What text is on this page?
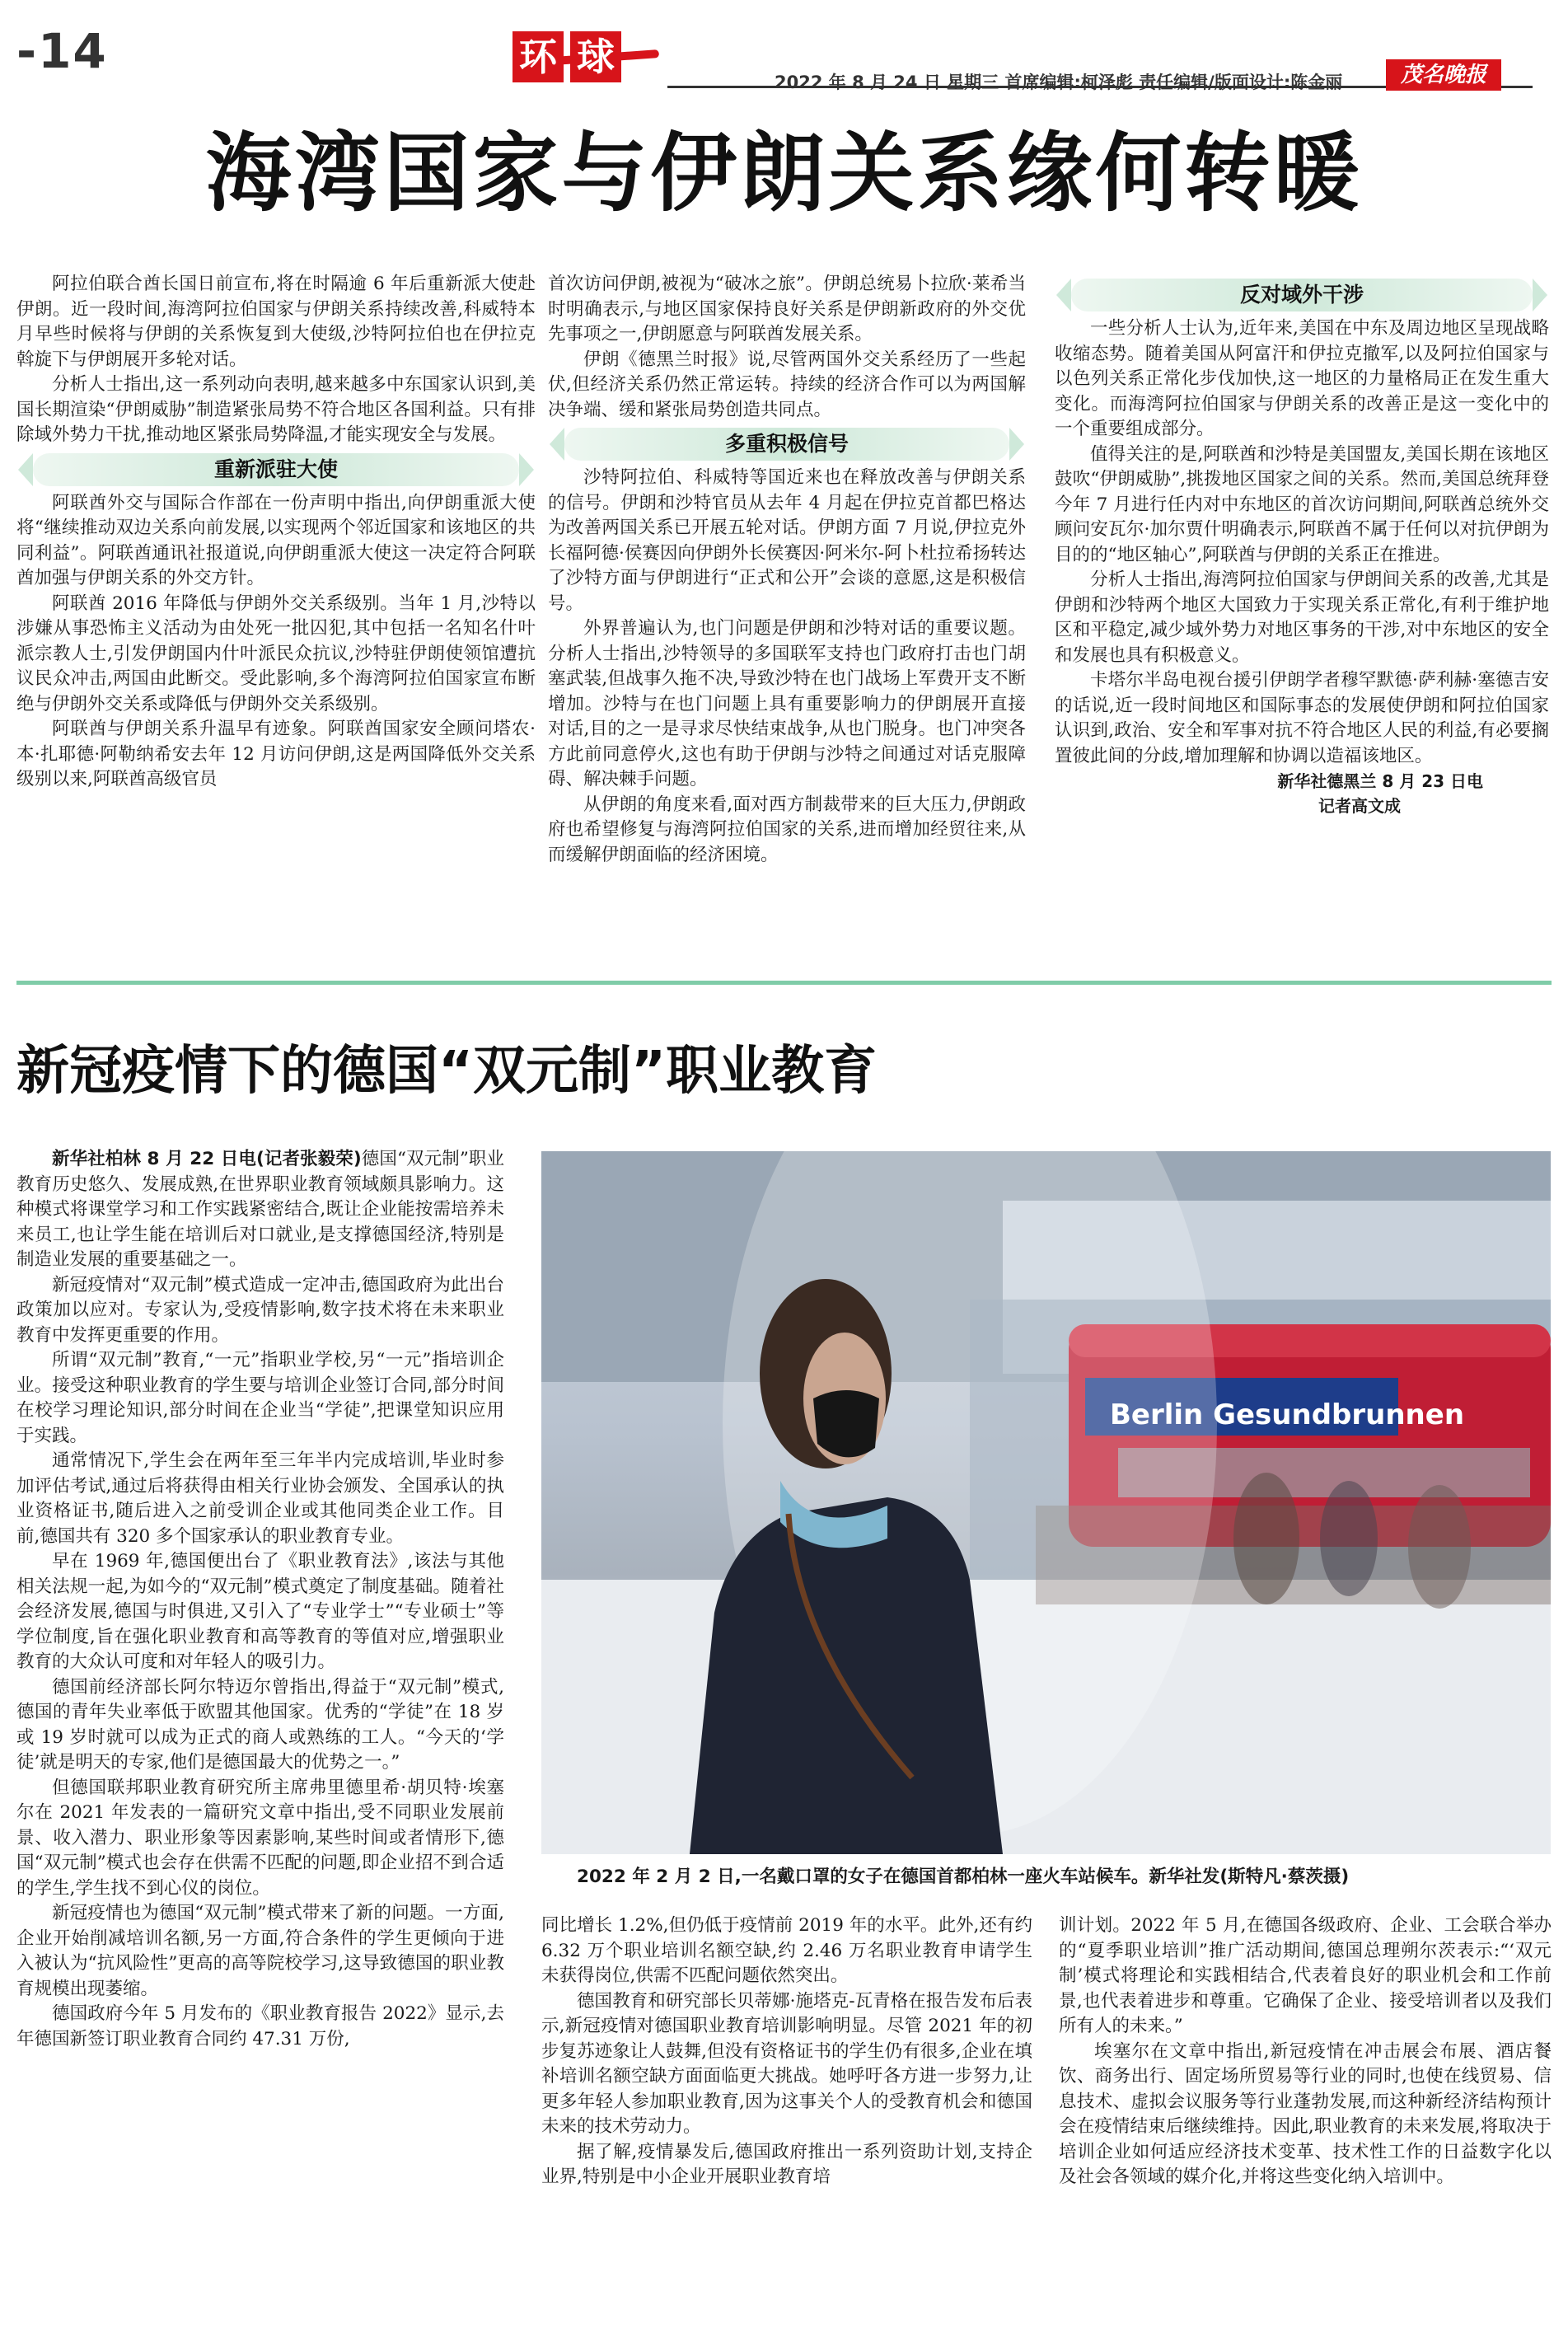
-14	环 球
2022 年 8 月 24 日 星期三 首席编辑:柯泽彪 责任编辑/版面设计:陈金丽	茂名晚报
海湾国家与伊朗关系缘何转暖

阿拉伯联合酋长国日前宣布,将在时隔逾 6 年后重新派大使赴伊朗。近一段时间,海湾阿拉伯国家与伊朗关系持续改善,科威特本月早些时候将与伊朗的关系恢复到大使级,沙特阿拉伯也在伊拉克斡旋下与伊朗展开多轮对话。

分析人士指出,这一系列动向表明,越来越多中东国家认识到,美国长期渲染“伊朗威胁”制造紧张局势不符合地区各国利益。只有排除域外势力干扰,推动地区紧张局势降温,才能实现安全与发展。

重新派驻大使

阿联酋外交与国际合作部在一份声明中指出,向伊朗重派大使将“继续推动双边关系向前发展,以实现两个邻近国家和该地区的共同利益”。阿联酋通讯社报道说,向伊朗重派大使这一决定符合阿联酋加强与伊朗关系的外交方针。

阿联酋 2016 年降低与伊朗外交关系级别。当年 1 月,沙特以涉嫌从事恐怖主义活动为由处死一批囚犯,其中包括一名知名什叶派宗教人士,引发伊朗国内什叶派民众抗议,沙特驻伊朗使领馆遭抗议民众冲击,两国由此断交。受此影响,多个海湾阿拉伯国家宣布断绝与伊朗外交关系或降低与伊朗外交关系级别。

阿联酋与伊朗关系升温早有迹象。阿联酋国家安全顾问塔农·本·扎耶德·阿勒纳希安去年 12 月访问伊朗,这是两国降低外交关系级别以来,阿联酋高级官员

首次访问伊朗,被视为“破冰之旅”。伊朗总统易卜拉欣·莱希当时明确表示,与地区国家保持良好关系是伊朗新政府的外交优先事项之一,伊朗愿意与阿联酋发展关系。

伊朗《德黑兰时报》说,尽管两国外交关系经历了一些起伏,但经济关系仍然正常运转。持续的经济合作可以为两国解决争端、缓和紧张局势创造共同点。

多重积极信号

沙特阿拉伯、科威特等国近来也在释放改善与伊朗关系的信号。伊朗和沙特官员从去年 4 月起在伊拉克首都巴格达为改善两国关系已开展五轮对话。伊朗方面 7 月说,伊拉克外长福阿德·侯赛因向伊朗外长侯赛因·阿米尔-阿卜杜拉希扬转达了沙特方面与伊朗进行“正式和公开”会谈的意愿,这是积极信号。

外界普遍认为,也门问题是伊朗和沙特对话的重要议题。分析人士指出,沙特领导的多国联军支持也门政府打击也门胡塞武装,但战事久拖不决,导致沙特在也门战场上军费开支不断增加。沙特与在也门问题上具有重要影响力的伊朗展开直接对话,目的之一是寻求尽快结束战争,从也门脱身。也门冲突各方此前同意停火,这也有助于伊朗与沙特之间通过对话克服障碍、解决棘手问题。

从伊朗的角度来看,面对西方制裁带来的巨大压力,伊朗政府也希望修复与海湾阿拉伯国家的关系,进而增加经贸往来,从而缓解伊朗面临的经济困境。

反对域外干涉

一些分析人士认为,近年来,美国在中东及周边地区呈现战略收缩态势。随着美国从阿富汗和伊拉克撤军,以及阿拉伯国家与以色列关系正常化步伐加快,这一地区的力量格局正在发生重大变化。而海湾阿拉伯国家与伊朗关系的改善正是这一变化中的一个重要组成部分。

值得关注的是,阿联酋和沙特是美国盟友,美国长期在该地区鼓吹“伊朗威胁”,挑拨地区国家之间的关系。然而,美国总统拜登今年 7 月进行任内对中东地区的首次访问期间,阿联酋总统外交顾问安瓦尔·加尔贾什明确表示,阿联酋不属于任何以对抗伊朗为目的的“地区轴心”,阿联酋与伊朗的关系正在推进。

分析人士指出,海湾阿拉伯国家与伊朗间关系的改善,尤其是伊朗和沙特两个地区大国致力于实现关系正常化,有利于维护地区和平稳定,减少域外势力对地区事务的干涉,对中东地区的安全和发展也具有积极意义。

卡塔尔半岛电视台援引伊朗学者穆罕默德·萨利赫·塞德吉安的话说,近一段时间地区和国际事态的发展使伊朗和阿拉伯国家认识到,政治、安全和军事对抗不符合地区人民的利益,有必要搁置彼此间的分歧,增加理解和协调以造福该地区。

新华社德黑兰 8 月 23 日电
记者高文成
新冠疫情下的德国“双元制”职业教育

新华社柏林 8 月 22 日电(记者张毅荣)德国“双元制”职业教育历史悠久、发展成熟,在世界职业教育领域颇具影响力。这种模式将课堂学习和工作实践紧密结合,既让企业能按需培养未来员工,也让学生能在培训后对口就业,是支撑德国经济,特别是制造业发展的重要基础之一。

新冠疫情对“双元制”模式造成一定冲击,德国政府为此出台政策加以应对。专家认为,受疫情影响,数字技术将在未来职业教育中发挥更重要的作用。

所谓“双元制”教育,“一元”指职业学校,另“一元”指培训企业。接受这种职业教育的学生要与培训企业签订合同,部分时间在校学习理论知识,部分时间在企业当“学徒”,把课堂知识应用于实践。

通常情况下,学生会在两年至三年半内完成培训,毕业时参加评估考试,通过后将获得由相关行业协会颁发、全国承认的执业资格证书,随后进入之前受训企业或其他同类企业工作。目前,德国共有 320 多个国家承认的职业教育专业。

早在 1969 年,德国便出台了《职业教育法》,该法与其他相关法规一起,为如今的“双元制”模式奠定了制度基础。随着社会经济发展,德国与时俱进,又引入了“专业学士”“专业硕士”等学位制度,旨在强化职业教育和高等教育的等值对应,增强职业教育的大众认可度和对年轻人的吸引力。

德国前经济部长阿尔特迈尔曾指出,得益于“双元制”模式,德国的青年失业率低于欧盟其他国家。优秀的“学徒”在 18 岁或 19 岁时就可以成为正式的商人或熟练的工人。“今天的‘学徒’就是明天的专家,他们是德国最大的优势之一。”

但德国联邦职业教育研究所主席弗里德里希·胡贝特·埃塞尔在 2021 年发表的一篇研究文章中指出,受不同职业发展前景、收入潜力、职业形象等因素影响,某些时间或者情形下,德国“双元制”模式也会存在供需不匹配的问题,即企业招不到合适的学生,学生找不到心仪的岗位。

新冠疫情也为德国“双元制”模式带来了新的问题。一方面,企业开始削减培训名额,另一方面,符合条件的学生更倾向于进入被认为“抗风险性”更高的高等院校学习,这导致德国的职业教育规模出现萎缩。

德国政府今年 5 月发布的《职业教育报告 2022》显示,去年德国新签订职业教育合同约 47.31 万份,

Berlin Gesundbrunnen
2022 年 2 月 2 日,一名戴口罩的女子在德国首都柏林一座火车站候车。新华社发(斯特凡·蔡茨摄)

同比增长 1.2%,但仍低于疫情前 2019 年的水平。此外,还有约 6.32 万个职业培训名额空缺,约 2.46 万名职业教育申请学生未获得岗位,供需不匹配问题依然突出。

德国教育和研究部长贝蒂娜·施塔克-瓦青格在报告发布后表示,新冠疫情对德国职业教育培训影响明显。尽管 2021 年的初步复苏迹象让人鼓舞,但没有资格证书的学生仍有很多,企业在填补培训名额空缺方面面临更大挑战。她呼吁各方进一步努力,让更多年轻人参加职业教育,因为这事关个人的受教育机会和德国未来的技术劳动力。

据了解,疫情暴发后,德国政府推出一系列资助计划,支持企业界,特别是中小企业开展职业教育培

训计划。2022 年 5 月,在德国各级政府、企业、工会联合举办的“夏季职业培训”推广活动期间,德国总理朔尔茨表示:“‘双元制’模式将理论和实践相结合,代表着良好的职业机会和工作前景,也代表着进步和尊重。它确保了企业、接受培训者以及我们所有人的未来。”

埃塞尔在文章中指出,新冠疫情在冲击展会布展、酒店餐饮、商务出行、固定场所贸易等行业的同时,也使在线贸易、信息技术、虚拟会议服务等行业蓬勃发展,而这种新经济结构预计会在疫情结束后继续维持。因此,职业教育的未来发展,将取决于培训企业如何适应经济技术变革、技术性工作的日益数字化以及社会各领域的媒介化,并将这些变化纳入培训中。
